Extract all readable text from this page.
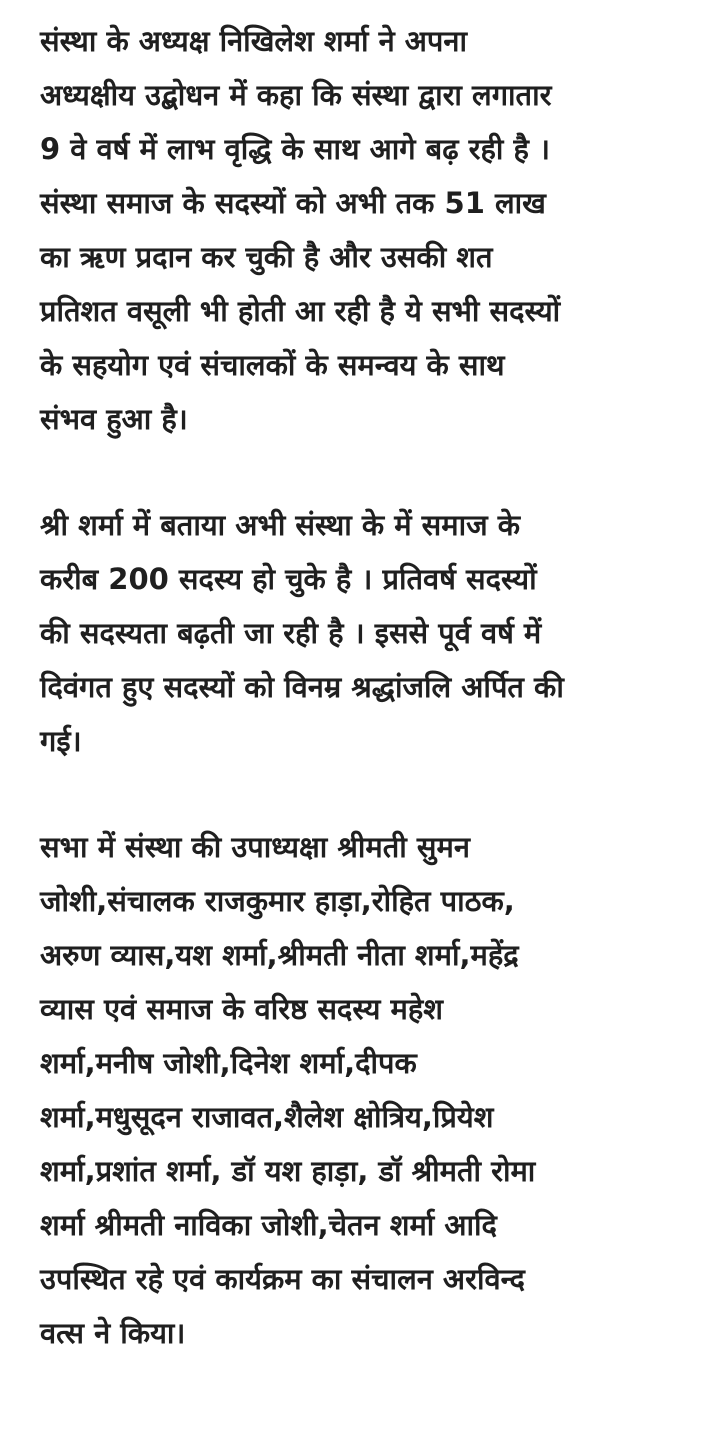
संस्था के अध्यक्ष निखिलेश शर्मा ने अपना
अध्यक्षीय उद्बोधन में कहा कि संस्था द्वारा लगातार
9 वे वर्ष में लाभ वृद्धि के साथ आगे बढ़ रही है ।
संस्था समाज के सदस्यों को अभी तक 51 लाख
का ऋण प्रदान कर चुकी है और उसकी शत
प्रतिशत वसूली भी होती आ रही है ये सभी सदस्यों
के सहयोग एवं संचालकों के समन्वय के साथ
संभव हुआ है।
श्री शर्मा में बताया अभी संस्था के में समाज के
करीब 200 सदस्य हो चुके है । प्रतिवर्ष सदस्यों
की सदस्यता बढ़ती जा रही है । इससे पूर्व वर्ष में
दिवंगत हुए सदस्यों को विनम्र श्रद्धांजलि अर्पित की
गई।
सभा में संस्था की उपाध्यक्षा श्रीमती सुमन
जोशी,संचालक राजकुमार हाड़ा,रोहित पाठक,
अरुण व्यास,यश शर्मा,श्रीमती नीता शर्मा,महेंद्र
व्यास एवं समाज के वरिष्ठ सदस्य महेश
शर्मा,मनीष जोशी,दिनेश शर्मा,दीपक
शर्मा,मधुसूदन राजावत,शैलेश क्षोत्रिय,प्रियेश
शर्मा,प्रशांत शर्मा, डॉ यश हाड़ा, डॉ श्रीमती रोमा
शर्मा श्रीमती नाविका जोशी,चेतन शर्मा आदि
उपस्थित रहे एवं कार्यक्रम का संचालन अरविन्द
वत्स ने किया।
